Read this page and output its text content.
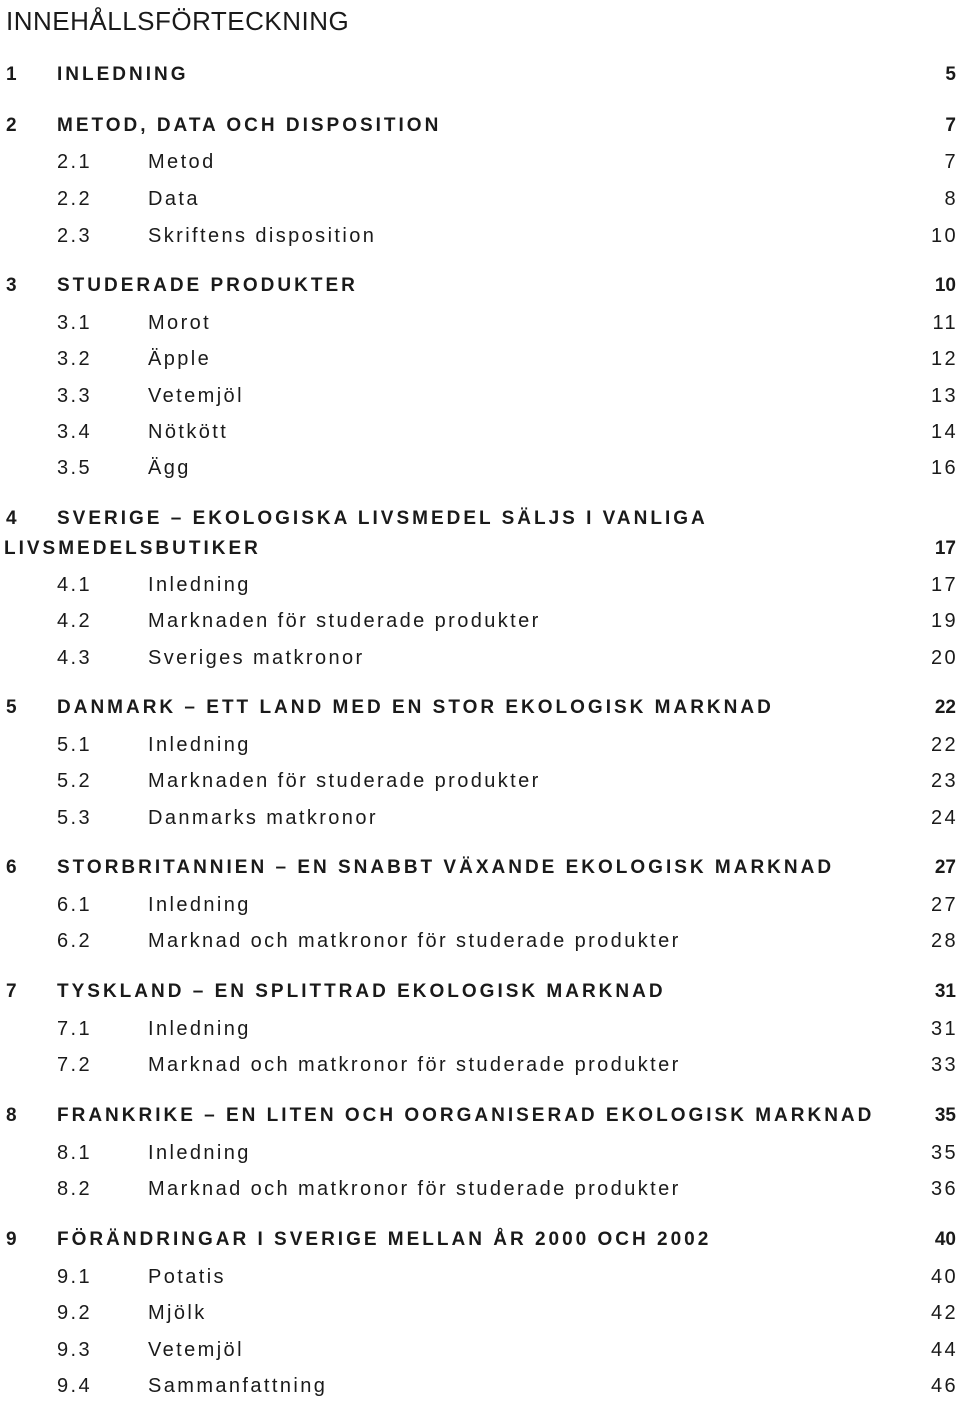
INNEHÅLLSFÖRTECKNING
1 INLEDNING	5
2 METOD, DATA OCH DISPOSITION	7
2.1	Metod	7
2.2	Data	8
2.3	Skriftens disposition	10
3 STUDERADE PRODUKTER	10
3.1	Morot	11
3.2	Äpple	12
3.3	Vetemjöl	13
3.4	Nötkött	14
3.5	Ägg	16
4 SVERIGE – EKOLOGISKA LIVSMEDEL SÄLJS I VANLIGA
LIVSMEDELSBUTIKER	17
4.1	Inledning	17
4.2	Marknaden för studerade produkter	19
4.3	Sveriges matkronor	20
5 DANMARK – ETT LAND MED EN STOR EKOLOGISK MARKNAD	22
5.1	Inledning	22
5.2	Marknaden för studerade produkter	23
5.3	Danmarks matkronor	24
6 STORBRITANNIEN – EN SNABBT VÄXANDE EKOLOGISK MARKNAD	27
6.1	Inledning	27
6.2	Marknad och matkronor för studerade produkter	28
7 TYSKLAND – EN SPLITTRAD EKOLOGISK MARKNAD	31
7.1	Inledning	31
7.2	Marknad och matkronor för studerade produkter	33
8 FRANKRIKE – EN LITEN OCH OORGANISERAD EKOLOGISK MARKNAD	35
8.1	Inledning	35
8.2	Marknad och matkronor för studerade produkter	36
9 FÖRÄNDRINGAR I SVERIGE MELLAN ÅR 2000 OCH 2002	40
9.1	Potatis	40
9.2	Mjölk	42
9.3	Vetemjöl	44
9.4	Sammanfattning	46
